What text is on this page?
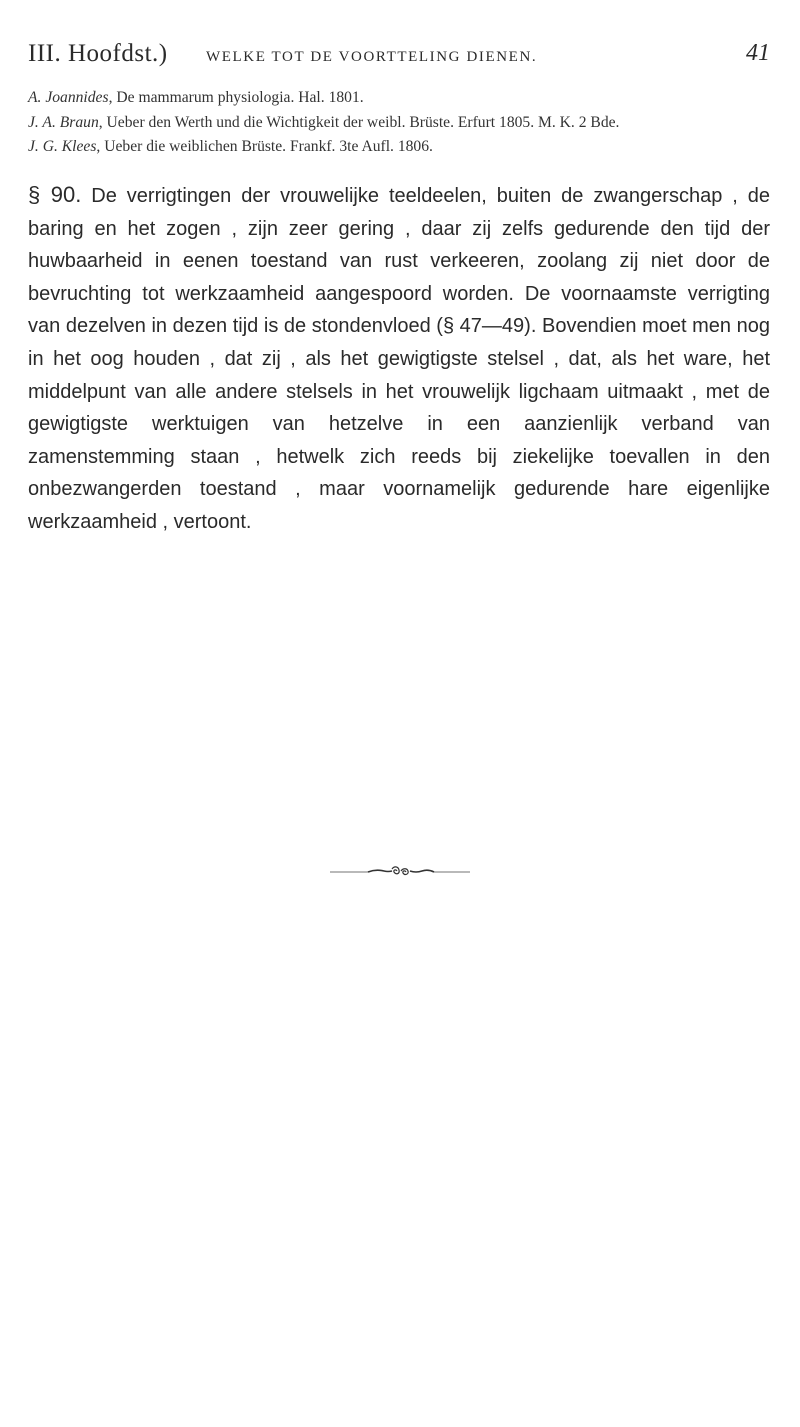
III. Hoofdst.)	WELKE TOT DE VOORTTELING DIENEN.	41

A. Joannides, De mammarum physiologia. Hal. 1801.

J. A. Braun, Ueber den Werth und die Wichtigkeit der weibl. Brüste. Erfurt 1805. M. K. 2 Bde.

J. G. Klees, Ueber die weiblichen Brüste. Frankf. 3te Aufl. 1806.

§ 90. De verrigtingen der vrouwelijke teeldeelen, buiten de zwangerschap , de baring en het zogen , zijn zeer gering , daar zij zelfs gedurende den tijd der huwbaarheid in eenen toestand van rust verkeeren, zoolang zij niet door de bevruchting tot werkzaamheid aangespoord worden. De voornaamste verrigting van dezelven in dezen tijd is de stondenvloed (§ 47—49). Bovendien moet men nog in het oog houden , dat zij , als het gewigtigste stelsel , dat, als het ware, het middelpunt van alle andere stelsels in het vrouwelijk ligchaam uitmaakt , met de gewigtigste werktuigen van hetzelve in een aanzienlijk verband van zamenstemming staan , hetwelk zich reeds bij ziekelijke toevallen in den onbezwangerden toestand , maar voornamelijk gedurende hare eigenlijke werkzaamheid , vertoont.
